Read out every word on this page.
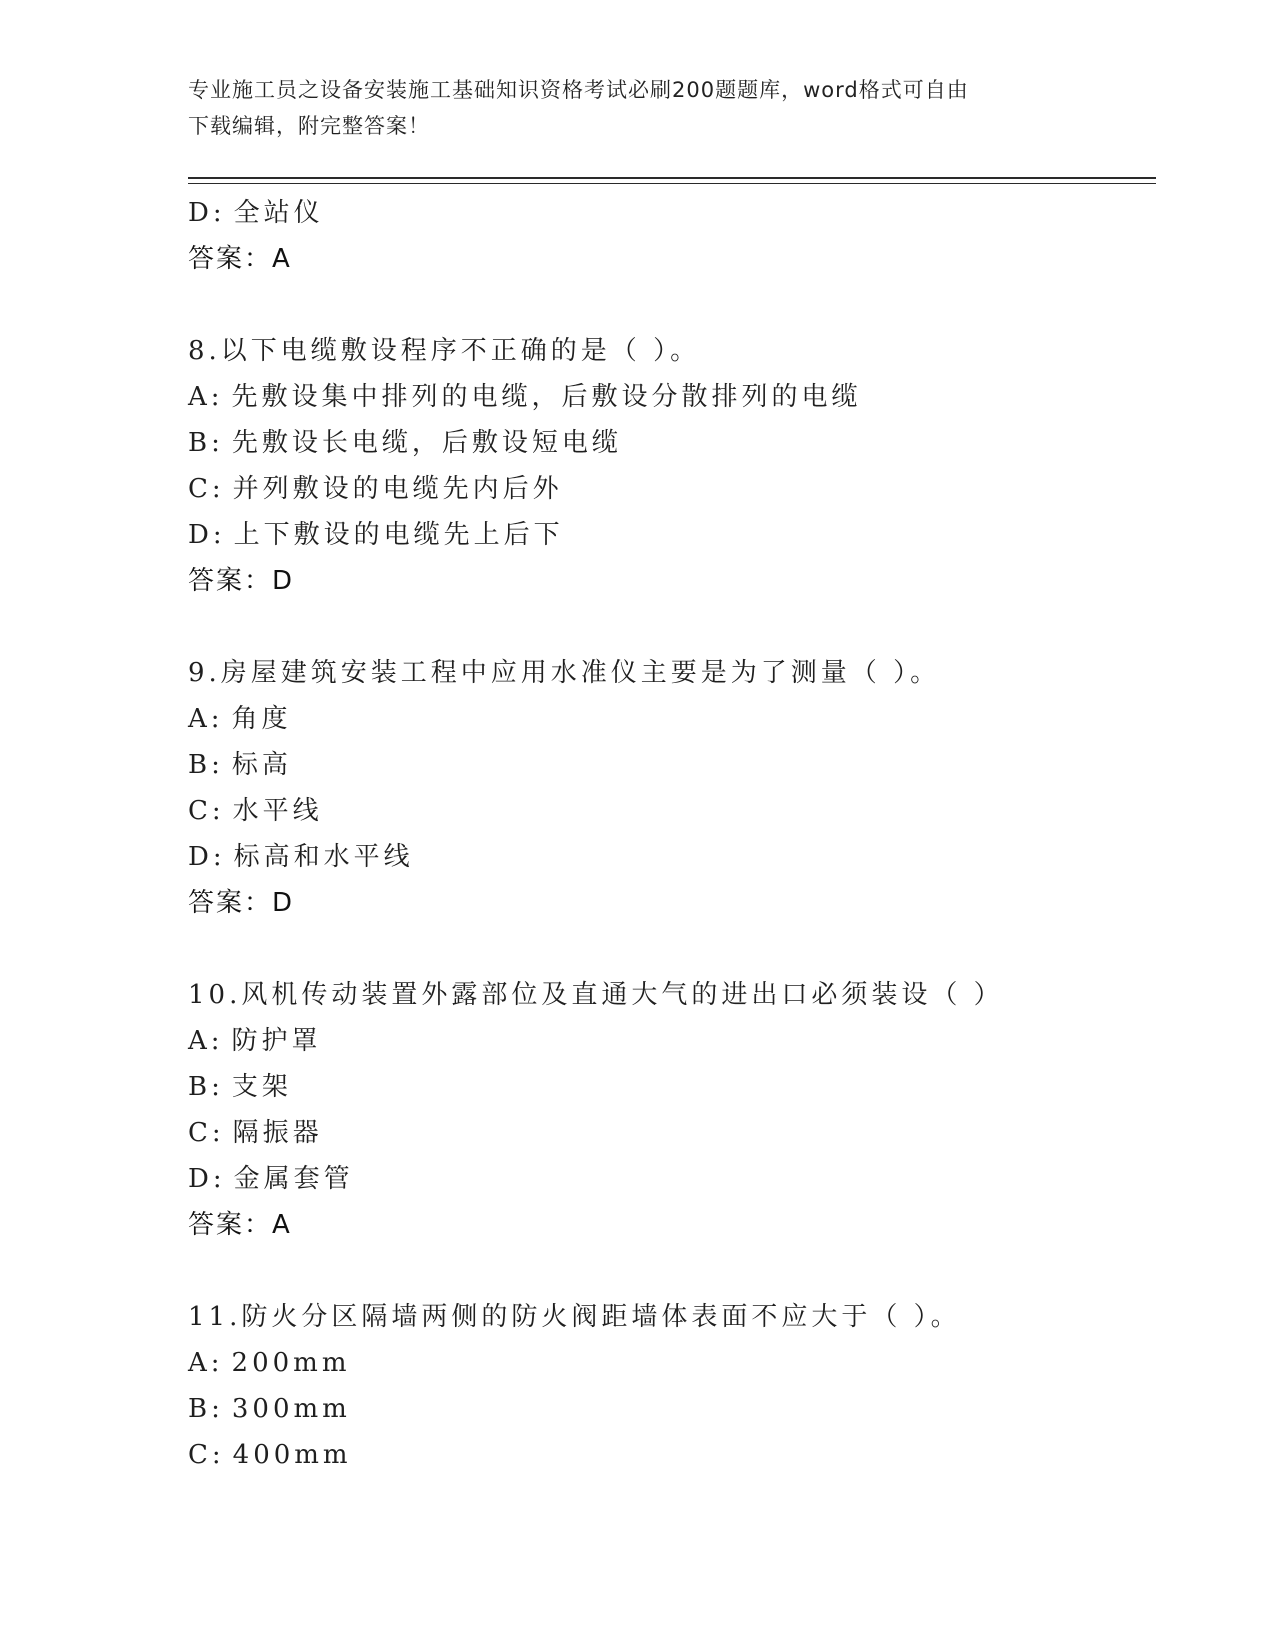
专业施工员之设备安装施工基础知识资格考试必刷200题题库，word格式可自由
下载编辑，附完整答案！
D: 全站仪
答案：A
8.以下电缆敷设程序不正确的是（ ）。
A: 先敷设集中排列的电缆，后敷设分散排列的电缆
B: 先敷设长电缆，后敷设短电缆
C: 并列敷设的电缆先内后外
D: 上下敷设的电缆先上后下
答案：D
9.房屋建筑安装工程中应用水准仪主要是为了测量（ ）。
A: 角度
B: 标高
C: 水平线
D: 标高和水平线
答案：D
10.风机传动装置外露部位及直通大气的进出口必须装设（ ）
A: 防护罩
B: 支架
C: 隔振器
D: 金属套管
答案：A
11.防火分区隔墙两侧的防火阀距墙体表面不应大于（ ）。
A: 200mm
B: 300mm
C: 400mm
